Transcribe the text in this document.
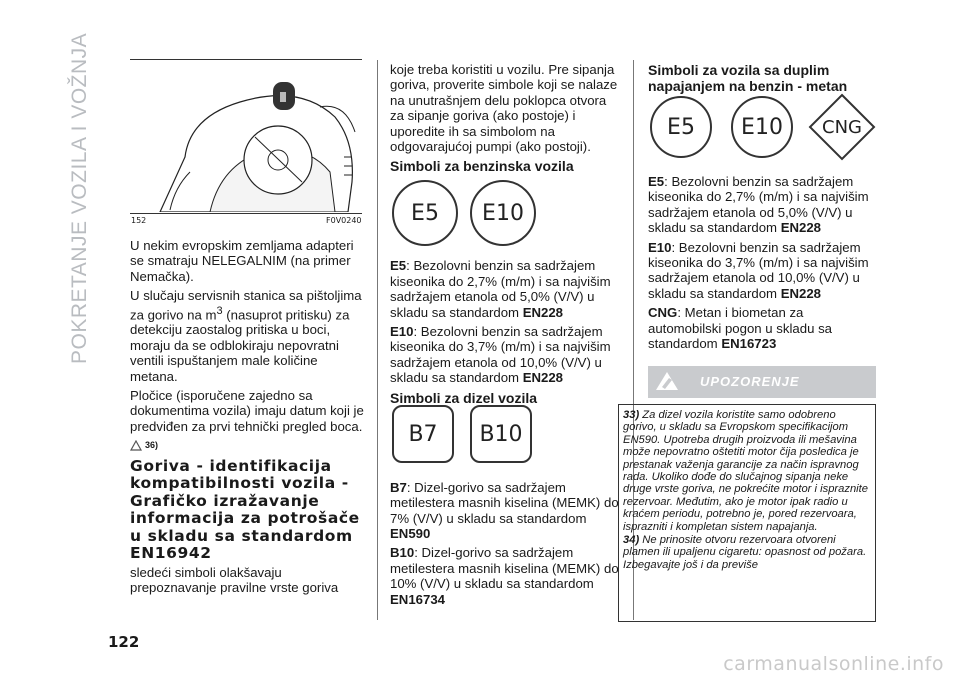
POKRETANJE VOZILA I VOŽNJA	152	F0V0240

U nekim evropskim zemljama adapteri se smatraju NELEGALNIM (na primer Nemačka).

U slučaju servisnih stanica sa pištoljima za gorivo na $m^3$ (nasuprot pritisku) za detekciju zaostalog pritiska u boci, moraju da se odblokiraju nepovratni ventili ispuštanjem male količine metana.

Pločice (isporučene zajedno sa dokumentima vozila) imaju datum koji je predviđen za prvi tehnički pregled boca.

36)
Goriva - identifikacija kompatibilnosti vozila - Grafičko izražavanje informacija za potrošače u skladu sa standardom EN16942

sledeći simboli olakšavaju prepoznavanje pravilne vrste goriva

koje treba koristiti u vozilu. Pre sipanja goriva, proverite simbole koji se nalaze na unutrašnjem delu poklopca otvora za sipanje goriva (ako postoje) i uporedite ih sa simbolom na odgovarajućoj pumpi (ako postoji).

Simboli za benzinska vozila

E5: Bezolovni benzin sa sadržajem kiseonika do 2,7% (m/m) i sa najvišim sadržajem etanola od 5,0% (V/V) u skladu sa standardom EN228

E10: Bezolovni benzin sa sadržajem kiseonika do 3,7% (m/m) i sa najvišim sadržajem etanola od 10,0% (V/V) u skladu sa standardom EN228

Simboli za dizel vozila

B7: Dizel-gorivo sa sadržajem metilestera masnih kiselina (MEMK) do 7% (V/V) u skladu sa standardom EN590

B10: Dizel-gorivo sa sadržajem metilestera masnih kiselina (MEMK) do 10% (V/V) u skladu sa standardom EN16734

E5	E10
B7	B10
Simboli za vozila sa duplim napajanjem na benzin - metan

E5: Bezolovni benzin sa sadržajem kiseonika do 2,7% (m/m) i sa najvišim sadržajem etanola od 5,0% (V/V) u skladu sa standardom EN228

E10: Bezolovni benzin sa sadržajem kiseonika do 3,7% (m/m) i sa najvišim sadržajem etanola od 10,0% (V/V) u skladu sa standardom EN228

CNG: Metan i biometan za automobilski pogon u skladu sa standardom EN16723

E5	E10	CNG
UPOZORENJE

33) Za dizel vozila koristite samo odobreno gorivo, u skladu sa Evropskom specifikacijom EN590. Upotreba drugih proizvoda ili mešavina može nepovratno oštetiti motor čija posledica je prestanak važenja garancije za način ispravnog rada. Ukoliko dođe do slučajnog sipanja neke druge vrste goriva, ne pokrećite motor i ispraznite rezervoar. Međutim, ako je motor ipak radio u kraćem periodu, potrebno je, pored rezervoara, isprazniti i kompletan sistem napajanja.

34) Ne prinosite otvoru rezervoara otvoreni plamen ili upaljenu cigaretu: opasnost od požara. Izbegavajte još i da previše

122
carmanualsonline.info
